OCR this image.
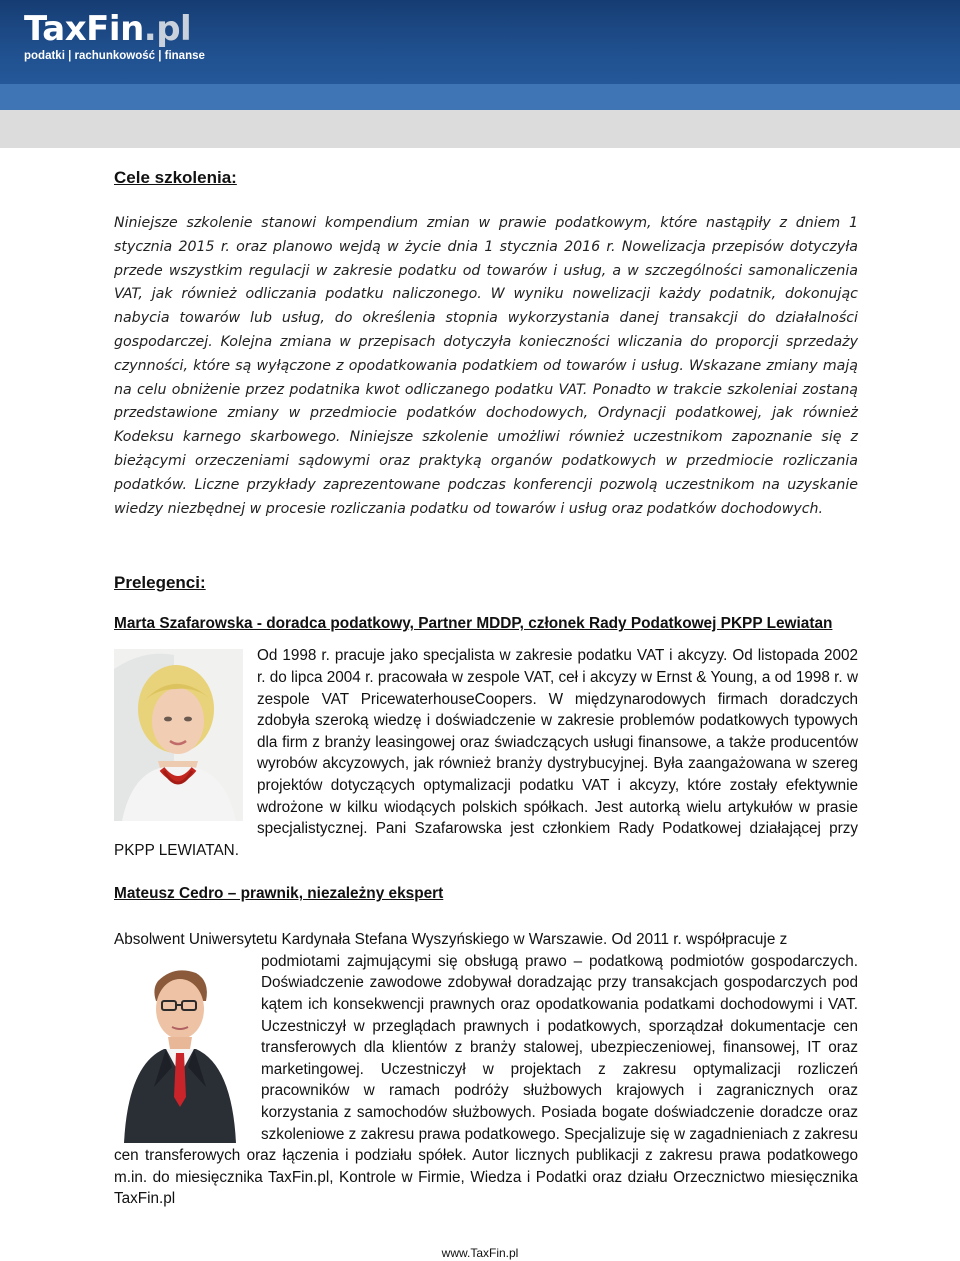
TaxFin.pl
podatki | rachunkowość | finanse
Cele szkolenia:

Niniejsze szkolenie stanowi kompendium zmian w prawie podatkowym, które nastąpiły z dniem 1 stycznia 2015 r. oraz planowo wejdą w życie dnia 1 stycznia 2016 r. Nowelizacja przepisów dotyczyła przede wszystkim regulacji w zakresie podatku od towarów i usług, a w szczególności samonaliczenia VAT, jak również odliczania podatku naliczonego. W wyniku nowelizacji każdy podatnik, dokonując nabycia towarów lub usług, do określenia stopnia wykorzystania danej transakcji do działalności gospodarczej. Kolejna zmiana w przepisach dotyczyła konieczności wliczania do proporcji sprzedaży czynności, które są wyłączone z opodatkowania podatkiem od towarów i usług. Wskazane zmiany mają na celu obniżenie przez podatnika kwot odliczanego podatku VAT. Ponadto w trakcie szkoleniai zostaną przedstawione zmiany w przedmiocie podatków dochodowych, Ordynacji podatkowej, jak również Kodeksu karnego skarbowego. Niniejsze szkolenie umożliwi również uczestnikom zapoznanie się z bieżącymi orzeczeniami sądowymi oraz praktyką organów podatkowych w przedmiocie rozliczania podatków. Liczne przykłady zaprezentowane podczas konferencji pozwolą uczestnikom na uzyskanie wiedzy niezbędnej w procesie rozliczania podatku od towarów i usług oraz podatków dochodowych.

Prelegenci:
Marta Szafarowska - doradca podatkowy, Partner MDDP, członek Rady Podatkowej PKPP Lewiatan
Od 1998 r. pracuje jako specjalista w zakresie podatku VAT i akcyzy. Od listopada 2002 r. do lipca 2004 r. pracowała w zespole VAT, ceł i akcyzy w Ernst & Young, a od 1998 r. w zespole VAT PricewaterhouseCoopers. W międzynarodowych firmach doradczych zdobyła szeroką wiedzę i doświadczenie w zakresie problemów podatkowych typowych dla firm z branży leasingowej oraz świadczących usługi finansowe, a także producentów wyrobów akcyzowych, jak również branży dystrybucyjnej. Była zaangażowana w szereg projektów dotyczących optymalizacji podatku VAT i akcyzy, które zostały efektywnie wdrożone w kilku wiodących polskich spółkach. Jest autorką wielu artykułów w prasie specjalistycznej. Pani Szafarowska jest członkiem Rady Podatkowej działającej przy PKPP LEWIATAN.
Mateusz Cedro – prawnik, niezależny ekspert
Absolwent Uniwersytetu Kardynała Stefana Wyszyńskiego w Warszawie. Od 2011 r. współpracuje z
podmiotami zajmującymi się obsługą prawo – podatkową podmiotów gospodarczych. Doświadczenie zawodowe zdobywał doradzając przy transakcjach gospodarczych pod kątem ich konsekwencji prawnych oraz opodatkowania podatkami dochodowymi i VAT. Uczestniczył w przeglądach prawnych i podatkowych, sporządzał dokumentacje cen transferowych dla klientów z branży stalowej, ubezpieczeniowej, finansowej, IT oraz marketingowej. Uczestniczył w projektach z zakresu optymalizacji rozliczeń pracowników w ramach podróży służbowych krajowych i zagranicznych oraz korzystania z samochodów służbowych. Posiada bogate doświadczenie doradcze oraz szkoleniowe z zakresu prawa podatkowego. Specjalizuje się w zagadnieniach z zakresu cen transferowych oraz łączenia i podziału spółek. Autor licznych publikacji z zakresu prawa podatkowego m.in. do miesięcznika TaxFin.pl, Kontrole w Firmie, Wiedza i Podatki oraz działu Orzecznictwo miesięcznika TaxFin.pl
www.TaxFin.pl
